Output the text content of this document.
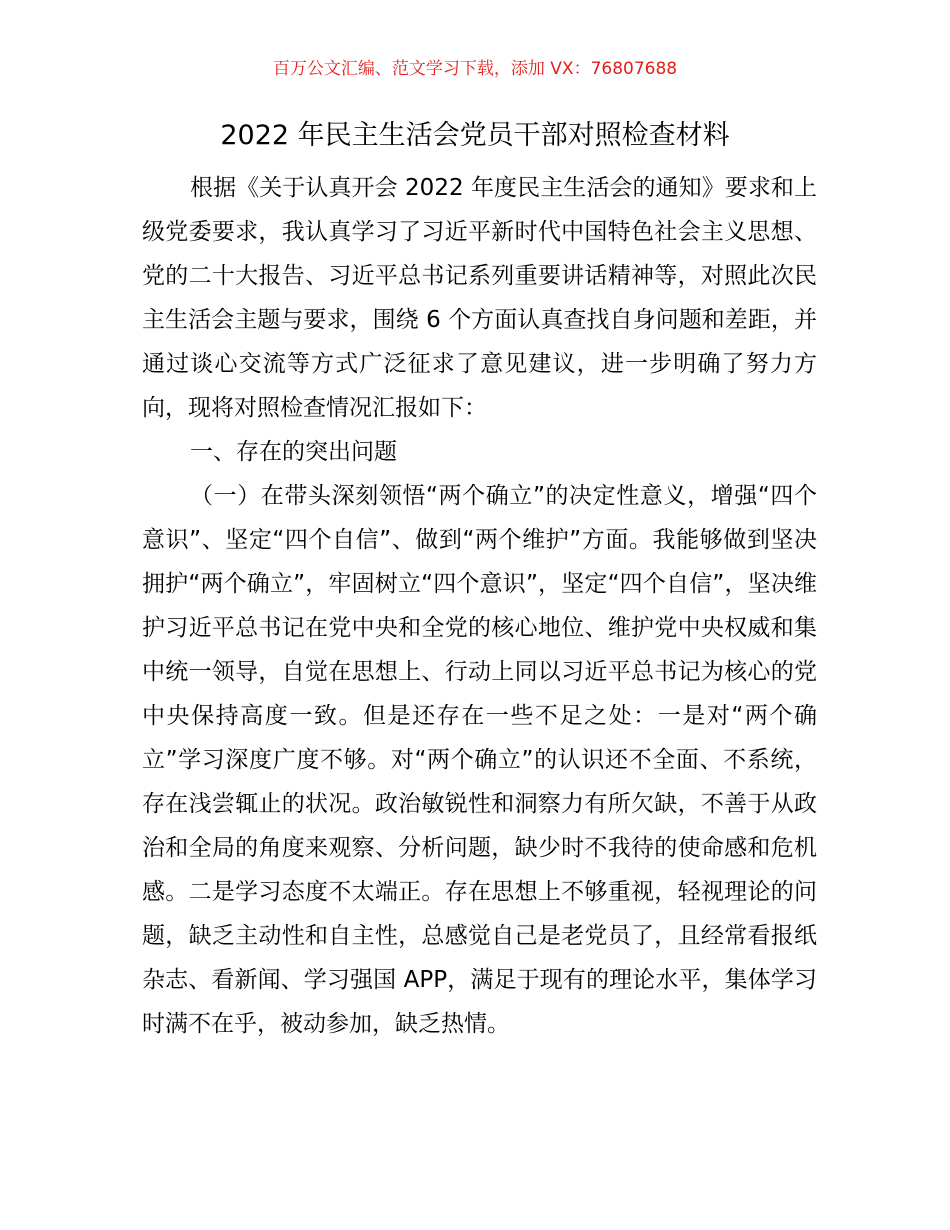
百万公文汇编、范文学习下载，添加 VX：76807688
2022 年民主生活会党员干部对照检查材料

根据《关于认真开会 2022 年度民主生活会的通知》要求和上级党委要求，我认真学习了习近平新时代中国特色社会主义思想、党的二十大报告、习近平总书记系列重要讲话精神等，对照此次民主生活会主题与要求，围绕 6 个方面认真查找自身问题和差距，并通过谈心交流等方式广泛征求了意见建议，进一步明确了努力方向，现将对照检查情况汇报如下：

一、存在的突出问题

（一）在带头深刻领悟“两个确立”的决定性意义，增强“四个意识”、坚定“四个自信”、做到“两个维护”方面。我能够做到坚决拥护“两个确立”，牢固树立“四个意识”，坚定“四个自信”，坚决维护习近平总书记在党中央和全党的核心地位、维护党中央权威和集中统一领导，自觉在思想上、行动上同以习近平总书记为核心的党中央保持高度一致。但是还存在一些不足之处：一是对“两个确立”学习深度广度不够。对“两个确立”的认识还不全面、不系统，存在浅尝辄止的状况。政治敏锐性和洞察力有所欠缺，不善于从政治和全局的角度来观察、分析问题，缺少时不我待的使命感和危机感。二是学习态度不太端正。存在思想上不够重视，轻视理论的问题，缺乏主动性和自主性，总感觉自己是老党员了，且经常看报纸杂志、看新闻、学习强国 APP，满足于现有的理论水平，集体学习时满不在乎，被动参加，缺乏热情。
